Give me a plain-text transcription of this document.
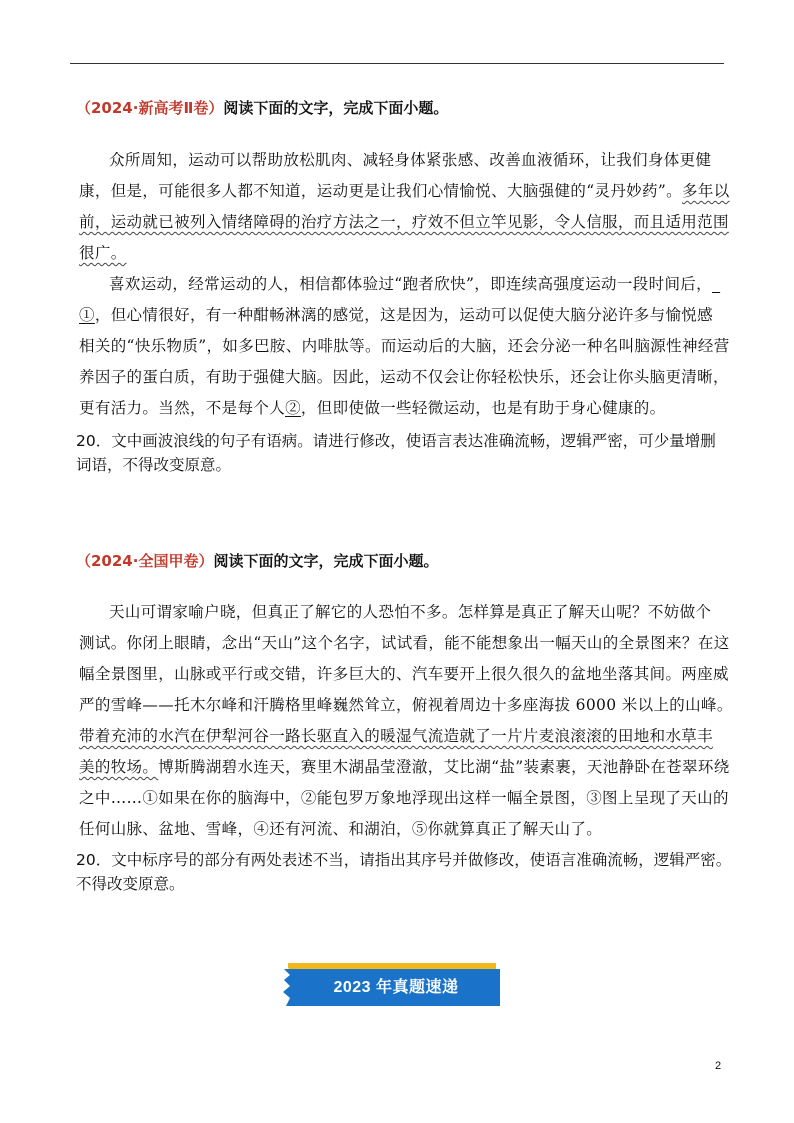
（2024·新高考Ⅱ卷）阅读下面的文字，完成下面小题。
众所周知，运动可以帮助放松肌肉、减轻身体紧张感、改善血液循环，让我们身体更健
康，但是，可能很多人都不知道，运动更是让我们心情愉悦、大脑强健的“灵丹妙药”。多年以
前，运动就已被列入情绪障碍的治疗方法之一，疗效不但立竿见影，令人信服，而且适用范围
很广。
喜欢运动，经常运动的人，相信都体验过“跑者欣快”，即连续高强度运动一段时间后，_
①，但心情很好，有一种酣畅淋漓的感觉，这是因为，运动可以促使大脑分泌许多与愉悦感
相关的“快乐物质”，如多巴胺、内啡肽等。而运动后的大脑，还会分泌一种名叫脑源性神经营
养因子的蛋白质，有助于强健大脑。因此，运动不仅会让你轻松快乐，还会让你头脑更清晰，
更有活力。当然，不是每个人②，但即使做一些轻微运动，也是有助于身心健康的。
20．文中画波浪线的句子有语病。请进行修改，使语言表达准确流畅，逻辑严密，可少量增删
词语，不得改变原意。
（2024·全国甲卷）阅读下面的文字，完成下面小题。
天山可谓家喻户晓，但真正了解它的人恐怕不多。怎样算是真正了解天山呢？不妨做个
测试。你闭上眼睛，念出“天山”这个名字，试试看，能不能想象出一幅天山的全景图来？在这
幅全景图里，山脉或平行或交错，许多巨大的、汽车要开上很久很久的盆地坐落其间。两座威
严的雪峰——托木尔峰和汗腾格里峰巍然耸立，俯视着周边十多座海拔 6000 米以上的山峰。
带着充沛的水汽在伊犁河谷一路长驱直入的暖湿气流造就了一片片麦浪滚滚的田地和水草丰
美的牧场。博斯腾湖碧水连天，赛里木湖晶莹澄澈，艾比湖“盐”装素裹，天池静卧在苍翠环绕
之中……①如果在你的脑海中，②能包罗万象地浮现出这样一幅全景图，③图上呈现了天山的
任何山脉、盆地、雪峰，④还有河流、和湖泊，⑤你就算真正了解天山了。
20．文中标序号的部分有两处表述不当，请指出其序号并做修改，使语言准确流畅，逻辑严密。
不得改变原意。
2023 年真题速递
2
